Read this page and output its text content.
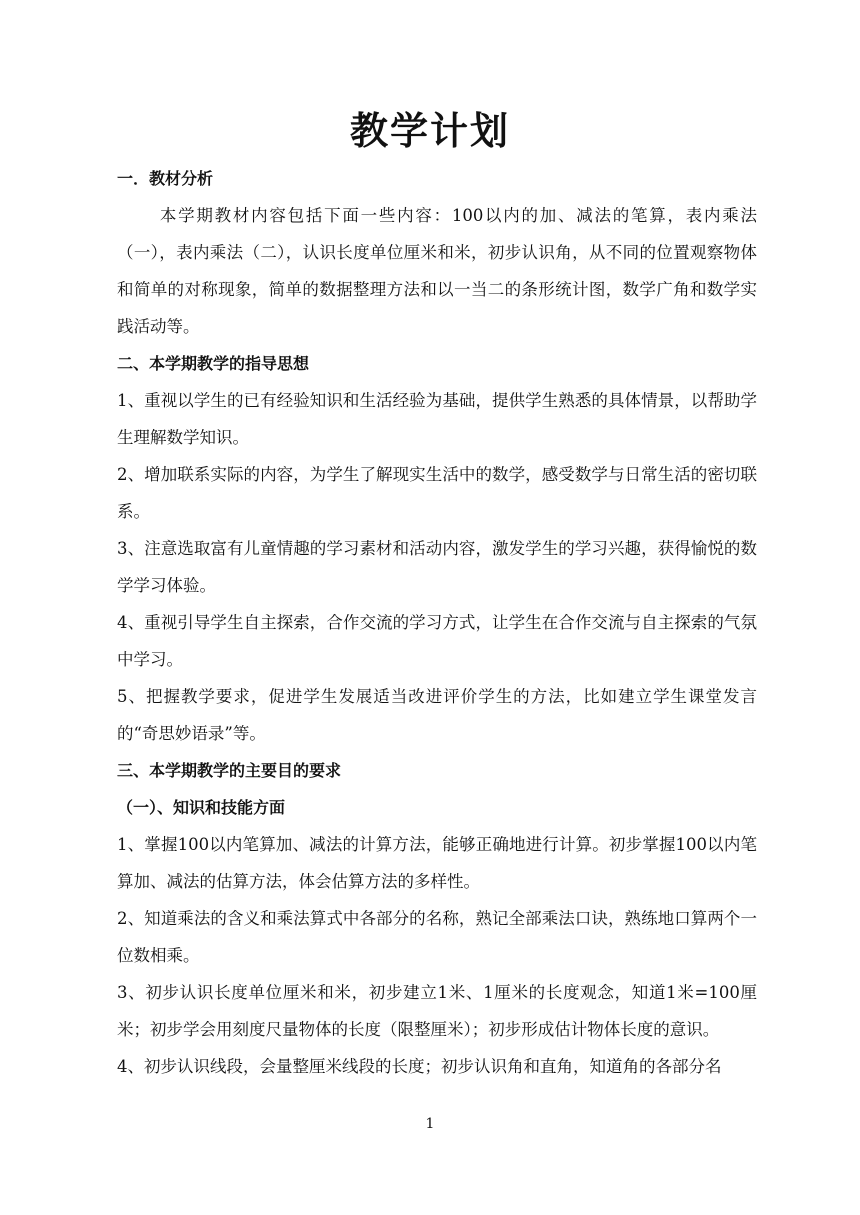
教学计划

一．教材分析

本学期教材内容包括下面一些内容：100以内的加、减法的笔算，表内乘法（一），表内乘法（二），认识长度单位厘米和米，初步认识角，从不同的位置观察物体和简单的对称现象，简单的数据整理方法和以一当二的条形统计图，数学广角和数学实践活动等。

二、本学期教学的指导思想

1、重视以学生的已有经验知识和生活经验为基础，提供学生熟悉的具体情景，以帮助学生理解数学知识。

2、增加联系实际的内容，为学生了解现实生活中的数学，感受数学与日常生活的密切联系。

3、注意选取富有儿童情趣的学习素材和活动内容，激发学生的学习兴趣，获得愉悦的数学学习体验。

4、重视引导学生自主探索，合作交流的学习方式，让学生在合作交流与自主探索的气氛中学习。

5、把握教学要求，促进学生发展适当改进评价学生的方法，比如建立学生课堂发言的“奇思妙语录”等。

三、本学期教学的主要目的要求

（一）、知识和技能方面

1、掌握100以内笔算加、减法的计算方法，能够正确地进行计算。初步掌握100以内笔算加、减法的估算方法，体会估算方法的多样性。

2、知道乘法的含义和乘法算式中各部分的名称，熟记全部乘法口诀，熟练地口算两个一位数相乘。

3、初步认识长度单位厘米和米，初步建立1米、1厘米的长度观念，知道1米=100厘米；初步学会用刻度尺量物体的长度（限整厘米）；初步形成估计物体长度的意识。

4、初步认识线段，会量整厘米线段的长度；初步认识角和直角，知道角的各部分名

1
